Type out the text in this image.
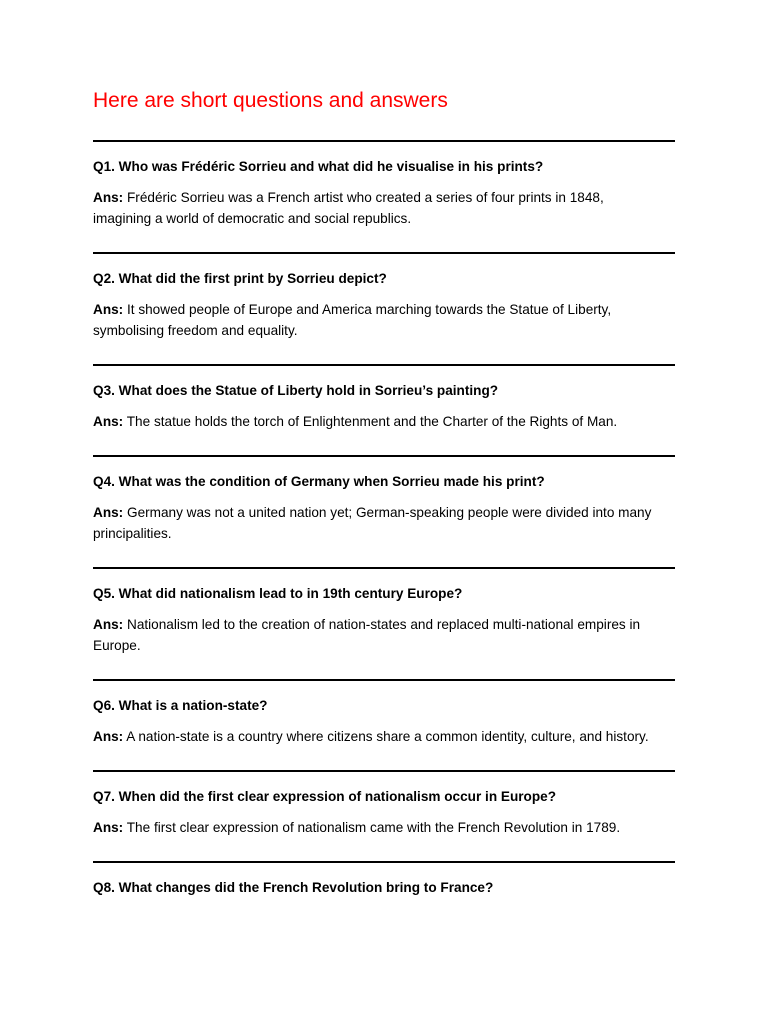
Here are short questions and answers
Q1. Who was Frédéric Sorrieu and what did he visualise in his prints?
Ans: Frédéric Sorrieu was a French artist who created a series of four prints in 1848,
imagining a world of democratic and social republics.
Q2. What did the first print by Sorrieu depict?
Ans: It showed people of Europe and America marching towards the Statue of Liberty,
symbolising freedom and equality.
Q3. What does the Statue of Liberty hold in Sorrieu’s painting?
Ans: The statue holds the torch of Enlightenment and the Charter of the Rights of Man.
Q4. What was the condition of Germany when Sorrieu made his print?
Ans: Germany was not a united nation yet; German-speaking people were divided into many
principalities.
Q5. What did nationalism lead to in 19th century Europe?
Ans: Nationalism led to the creation of nation-states and replaced multi-national empires in
Europe.
Q6. What is a nation-state?
Ans: A nation-state is a country where citizens share a common identity, culture, and history.
Q7. When did the first clear expression of nationalism occur in Europe?
Ans: The first clear expression of nationalism came with the French Revolution in 1789.
Q8. What changes did the French Revolution bring to France?
